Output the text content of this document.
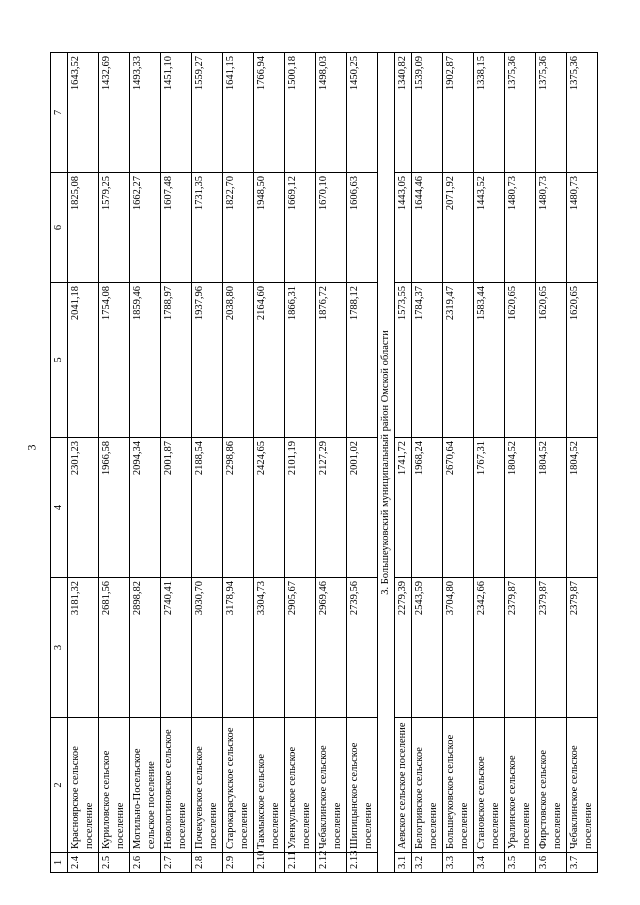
3
1	2	3	4	5	6	7
2.4	Красноярское сельское поселение	3181,32	2301,23	2041,18	1825,08	1643,52
2.5	Куриловское сельское поселение	2681,56	1966,58	1754,08	1579,25	1432,69
2.6	Могильно-Посельское сельское поселение	2898,82	2094,34	1859,46	1662,27	1493,33
2.7	Новологиновское сельское поселение	2740,41	2001,87	1788,97	1607,48	1451,10
2.8	Почекуевское сельское поселение	3030,70	2188,54	1937,96	1731,35	1559,27
2.9	Старокарасукское сельское поселение	3178,94	2298,86	2038,80	1822,70	1641,15
2.10	Такмыкское сельское поселение	3304,73	2424,65	2164,60	1948,50	1766,94
2.11	Уленкульское сельское поселение	2905,67	2101,19	1866,31	1669,12	1500,18
2.12	Чебаклинское сельское поселение	2969,46	2127,29	1876,72	1670,10	1498,03
2.13	Шипицынское сельское поселение	2739,56	2001,02	1788,12	1606,63	1450,25
3. Большеуковский муниципальный район Омской области						
3.1	Аевское сельское поселение	2279,39	1741,72	1573,55	1443,05	1340,82
3.2	Белогривское сельское поселение	2543,59	1968,24	1784,37	1644,46	1539,09
3.3	Большеуковское сельское поселение	3704,80	2670,64	2319,47	2071,92	1902,87
3.4	Становское сельское поселение	2342,66	1767,31	1583,44	1443,52	1338,15
3.5	Уралинское сельское поселение	2379,87	1804,52	1620,65	1480,73	1375,36
3.6	Фирстовское сельское поселение	2379,87	1804,52	1620,65	1480,73	1375,36
3.7	Чебаклинское сельское поселение	2379,87	1804,52	1620,65	1480,73	1375,36
